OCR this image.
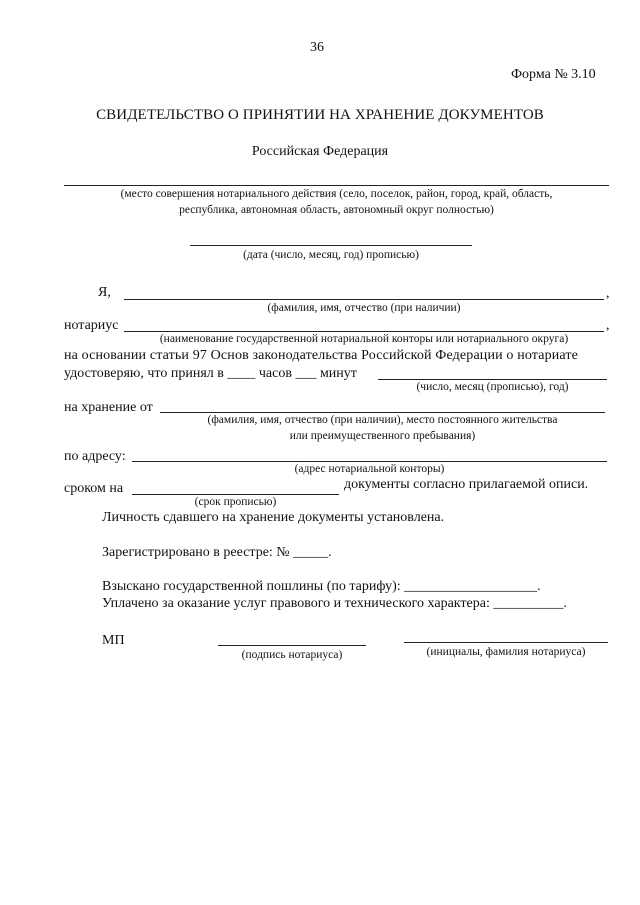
36
Форма № 3.10
СВИДЕТЕЛЬСТВО О ПРИНЯТИИ НА ХРАНЕНИЕ ДОКУМЕНТОВ
Российская Федерация
(место совершения нотариального действия (село, поселок, район, город, край, область,
республика, автономная область, автономный округ полностью)
(дата (число, месяц, год) прописью)
Я,	,
(фамилия, имя, отчество (при наличии)
нотариус	,
(наименование государственной нотариальной конторы или нотариального округа)
на основании статьи 97 Основ законодательства Российской Федерации о нотариате
удостоверяю, что принял в ____ часов ___ минут
(число, месяц (прописью), год)
на хранение от
(фамилия, имя, отчество (при наличии), место постоянного жительства
или преимущественного пребывания)
по адресу:
(адрес нотариальной конторы)
сроком на	документы согласно прилагаемой описи.
(срок прописью)
Личность сдавшего на хранение документы установлена.
Зарегистрировано в реестре: № _____.
Взыскано государственной пошлины (по тарифу): ___________________.
Уплачено за оказание услуг правового и технического характера: __________.
МП
(подпись нотариуса)	(инициалы, фамилия нотариуса)
